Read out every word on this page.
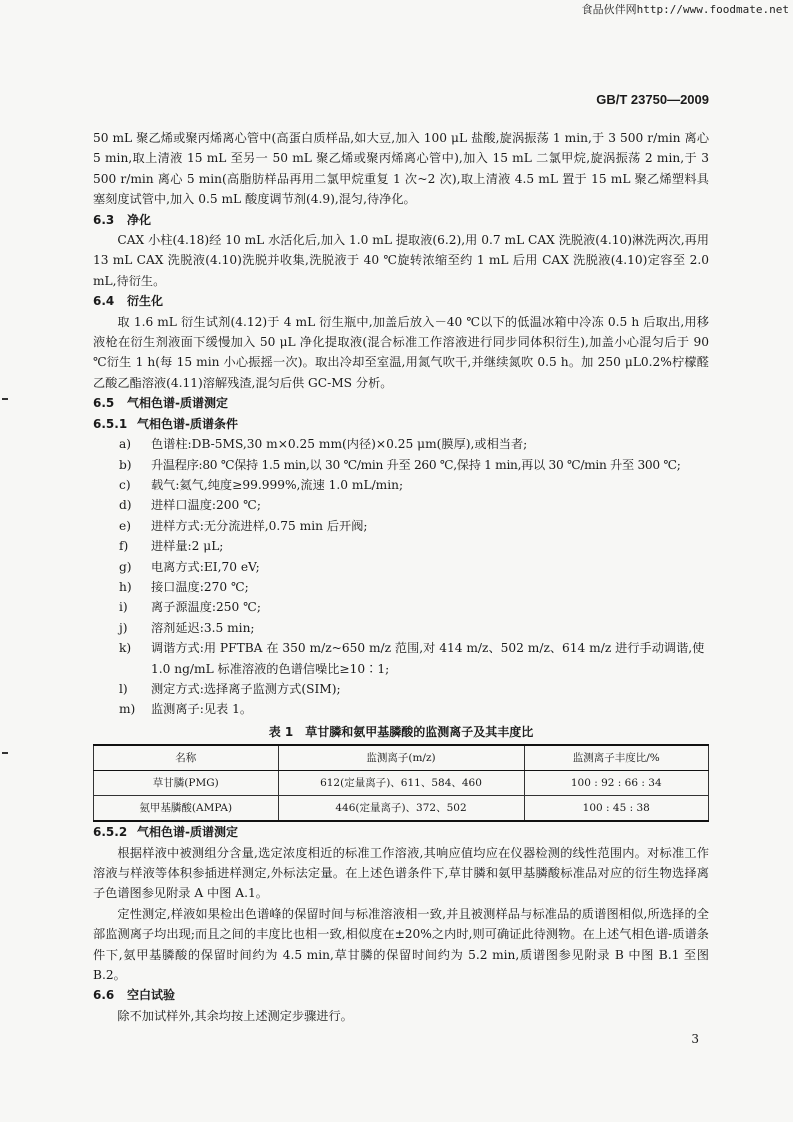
食品伙伴网http://www.foodmate.net
GB/T 23750—2009

50 mL 聚乙烯或聚丙烯离心管中(高蛋白质样品,如大豆,加入 100 μL 盐酸,旋涡振荡 1 min,于 3 500 r/min 离心 5 min,取上清液 15 mL 至另一 50 mL 聚乙烯或聚丙烯离心管中),加入 15 mL 二氯甲烷,旋涡振荡 2 min,于 3 500 r/min 离心 5 min(高脂肪样品再用二氯甲烷重复 1 次~2 次),取上清液 4.5 mL 置于 15 mL 聚乙烯塑料具塞刻度试管中,加入 0.5 mL 酸度调节剂(4.9),混匀,待净化。

6.3 净化

CAX 小柱(4.18)经 10 mL 水活化后,加入 1.0 mL 提取液(6.2),用 0.7 mL CAX 洗脱液(4.10)淋洗两次,再用 13 mL CAX 洗脱液(4.10)洗脱并收集,洗脱液于 40 ℃旋转浓缩至约 1 mL 后用 CAX 洗脱液(4.10)定容至 2.0 mL,待衍生。

6.4 衍生化

取 1.6 mL 衍生试剂(4.12)于 4 mL 衍生瓶中,加盖后放入－40 ℃以下的低温冰箱中冷冻 0.5 h 后取出,用移液枪在衍生剂液面下缓慢加入 50 μL 净化提取液(混合标准工作溶液进行同步同体积衍生),加盖小心混匀后于 90 ℃衍生 1 h(每 15 min 小心振摇一次)。取出冷却至室温,用氮气吹干,并继续氮吹 0.5 h。加 250 μL0.2%柠檬醛乙酸乙酯溶液(4.11)溶解残渣,混匀后供 GC-MS 分析。

6.5 气相色谱-质谱测定

6.5.1 气相色谱-质谱条件

a)	色谱柱:DB-5MS,30 m×0.25 mm(内径)×0.25 μm(膜厚),或相当者;
b)	升温程序:80 ℃保持 1.5 min,以 30 ℃/min 升至 260 ℃,保持 1 min,再以 30 ℃/min 升至 300 ℃;
c)	载气:氦气,纯度≥99.999%,流速 1.0 mL/min;
d)	进样口温度:200 ℃;
e)	进样方式:无分流进样,0.75 min 后开阀;
f)	进样量:2 μL;
g)	电离方式:EI,70 eV;
h)	接口温度:270 ℃;
i)	离子源温度:250 ℃;
j)	溶剂延迟:3.5 min;
k)	调谐方式:用 PFTBA 在 350 m/z~650 m/z 范围,对 414 m/z、502 m/z、614 m/z 进行手动调谐,使 1.0 ng/mL 标准溶液的色谱信噪比≥10∶1;
l)	测定方式:选择离子监测方式(SIM);
m)	监测离子:见表 1。
表 1　草甘膦和氨甲基膦酸的监测离子及其丰度比
名称	监测离子(m/z)	监测离子丰度比/%
草甘膦(PMG)	612(定量离子)、611、584、460	100 : 92 : 66 : 34
氨甲基膦酸(AMPA)	446(定量离子)、372、502	100 : 45 : 38

6.5.2 气相色谱-质谱测定

根据样液中被测组分含量,选定浓度相近的标准工作溶液,其响应值均应在仪器检测的线性范围内。对标准工作溶液与样液等体积参插进样测定,外标法定量。在上述色谱条件下,草甘膦和氨甲基膦酸标准品对应的衍生物选择离子色谱图参见附录 A 中图 A.1。

定性测定,样液如果检出色谱峰的保留时间与标准溶液相一致,并且被测样品与标准品的质谱图相似,所选择的全部监测离子均出现;而且之间的丰度比也相一致,相似度在±20%之内时,则可确证此待测物。在上述气相色谱-质谱条件下,氨甲基膦酸的保留时间约为 4.5 min,草甘膦的保留时间约为 5.2 min,质谱图参见附录 B 中图 B.1 至图 B.2。

6.6 空白试验

除不加试样外,其余均按上述测定步骤进行。

3
